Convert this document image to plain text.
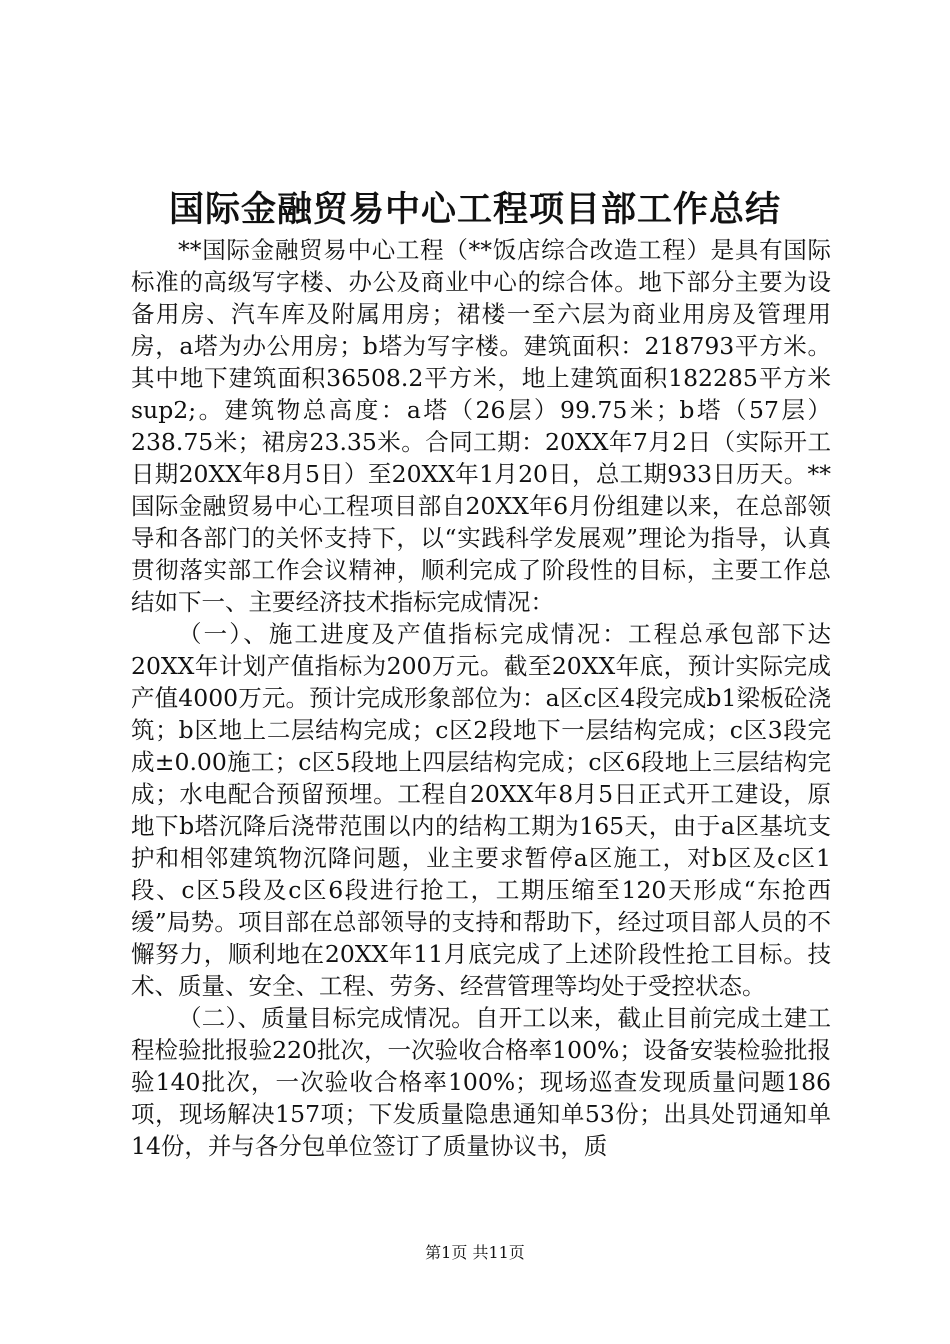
国际金融贸易中心工程项目部工作总结

**国际金融贸易中心工程（**饭店综合改造工程）是具有国际标准的高级写字楼、办公及商业中心的综合体。地下部分主要为设备用房、汽车库及附属用房；裙楼一至六层为商业用房及管理用房，a塔为办公用房；b塔为写字楼。建筑面积：218793平方米。其中地下建筑面积36508.2平方米，地上建筑面积182285平方米sup2;。建筑物总高度：a塔（26层）99.75米；b塔（57层）238.75米；裙房23.35米。合同工期：20XX年7月2日（实际开工日期20XX年8月5日）至20XX年1月20日，总工期933日历天。**国际金融贸易中心工程项目部自20XX年6月份组建以来，在总部领导和各部门的关怀支持下，以“实践科学发展观”理论为指导，认真贯彻落实部工作会议精神，顺利完成了阶段性的目标，主要工作总结如下一、主要经济技术指标完成情况：

（一）、施工进度及产值指标完成情况：工程总承包部下达20XX年计划产值指标为200万元。截至20XX年底，预计实际完成产值4000万元。预计完成形象部位为：a区c区4段完成b1梁板砼浇筑；b区地上二层结构完成；c区2段地下一层结构完成；c区3段完成±0.00施工；c区5段地上四层结构完成；c区6段地上三层结构完成；水电配合预留预埋。工程自20XX年8月5日正式开工建设，原地下b塔沉降后浇带范围以内的结构工期为165天，由于a区基坑支护和相邻建筑物沉降问题，业主要求暂停a区施工，对b区及c区1段、c区5段及c区6段进行抢工，工期压缩至120天形成“东抢西缓”局势。项目部在总部领导的支持和帮助下，经过项目部人员的不懈努力，顺利地在20XX年11月底完成了上述阶段性抢工目标。技术、质量、安全、工程、劳务、经营管理等均处于受控状态。

（二）、质量目标完成情况。自开工以来，截止目前完成土建工程检验批报验220批次，一次验收合格率100%；设备安装检验批报验140批次，一次验收合格率100%；现场巡查发现质量问题186项，现场解决157项；下发质量隐患通知单53份；出具处罚通知单14份，并与各分包单位签订了质量协议书，质

第1页 共11页
